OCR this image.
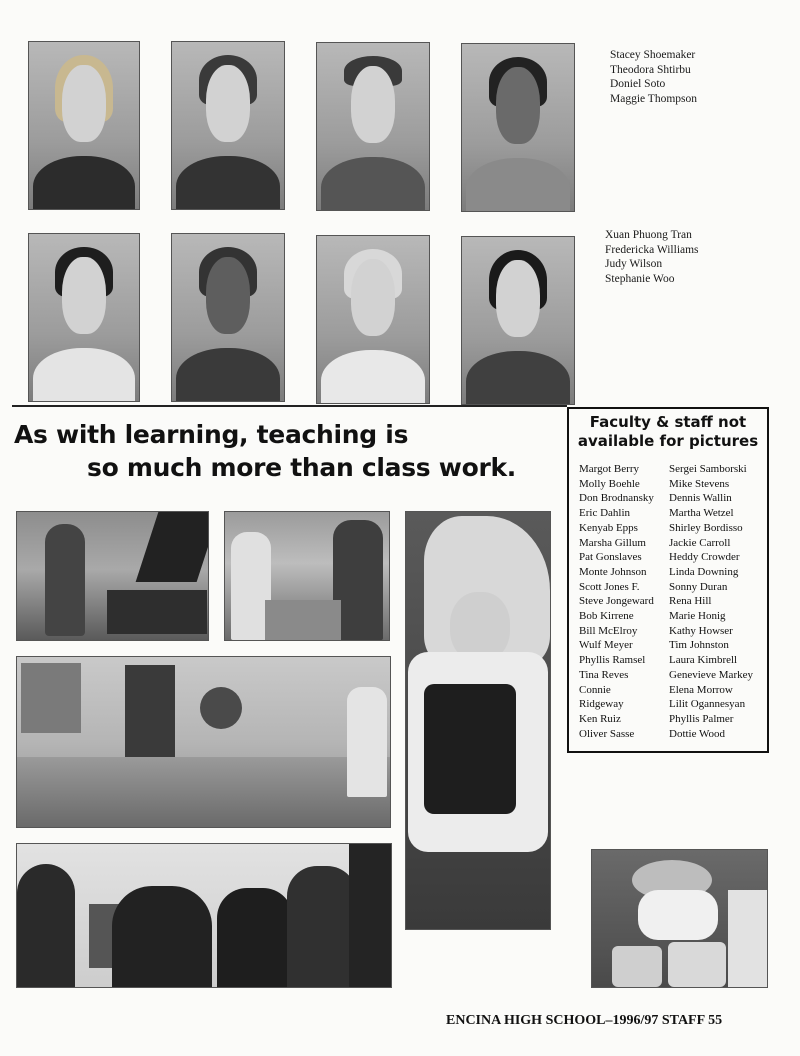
Stacey Shoemaker
Theodora Shtirbu
Doniel Soto
Maggie Thompson
Xuan Phuong Tran
Fredericka Williams
Judy Wilson
Stephanie Woo
As with learning, teaching is
so much more than class work.
Faculty & staff not
available for pictures
Margot Berry
Molly Boehle
Don Brodnansky
Eric Dahlin
Kenyab Epps
Marsha Gillum
Pat Gonslaves
Monte Johnson
Scott Jones F.
Steve Jongeward
Bob Kirrene
Bill McElroy
Wulf Meyer
Phyllis Ramsel
Tina Reves
Connie
Ridgeway
Ken Ruiz
Oliver Sasse
Sergei Samborski
Mike Stevens
Dennis Wallin
Martha Wetzel
Shirley Bordisso
Jackie Carroll
Heddy Crowder
Linda Downing
Sonny Duran
Rena Hill
Marie Honig
Kathy Howser
Tim Johnston
Laura Kimbrell
Genevieve Markey
Elena Morrow
Lilit Ogannesyan
Phyllis Palmer
Dottie Wood
ENCINA HIGH SCHOOL–1996/97 STAFF 55
